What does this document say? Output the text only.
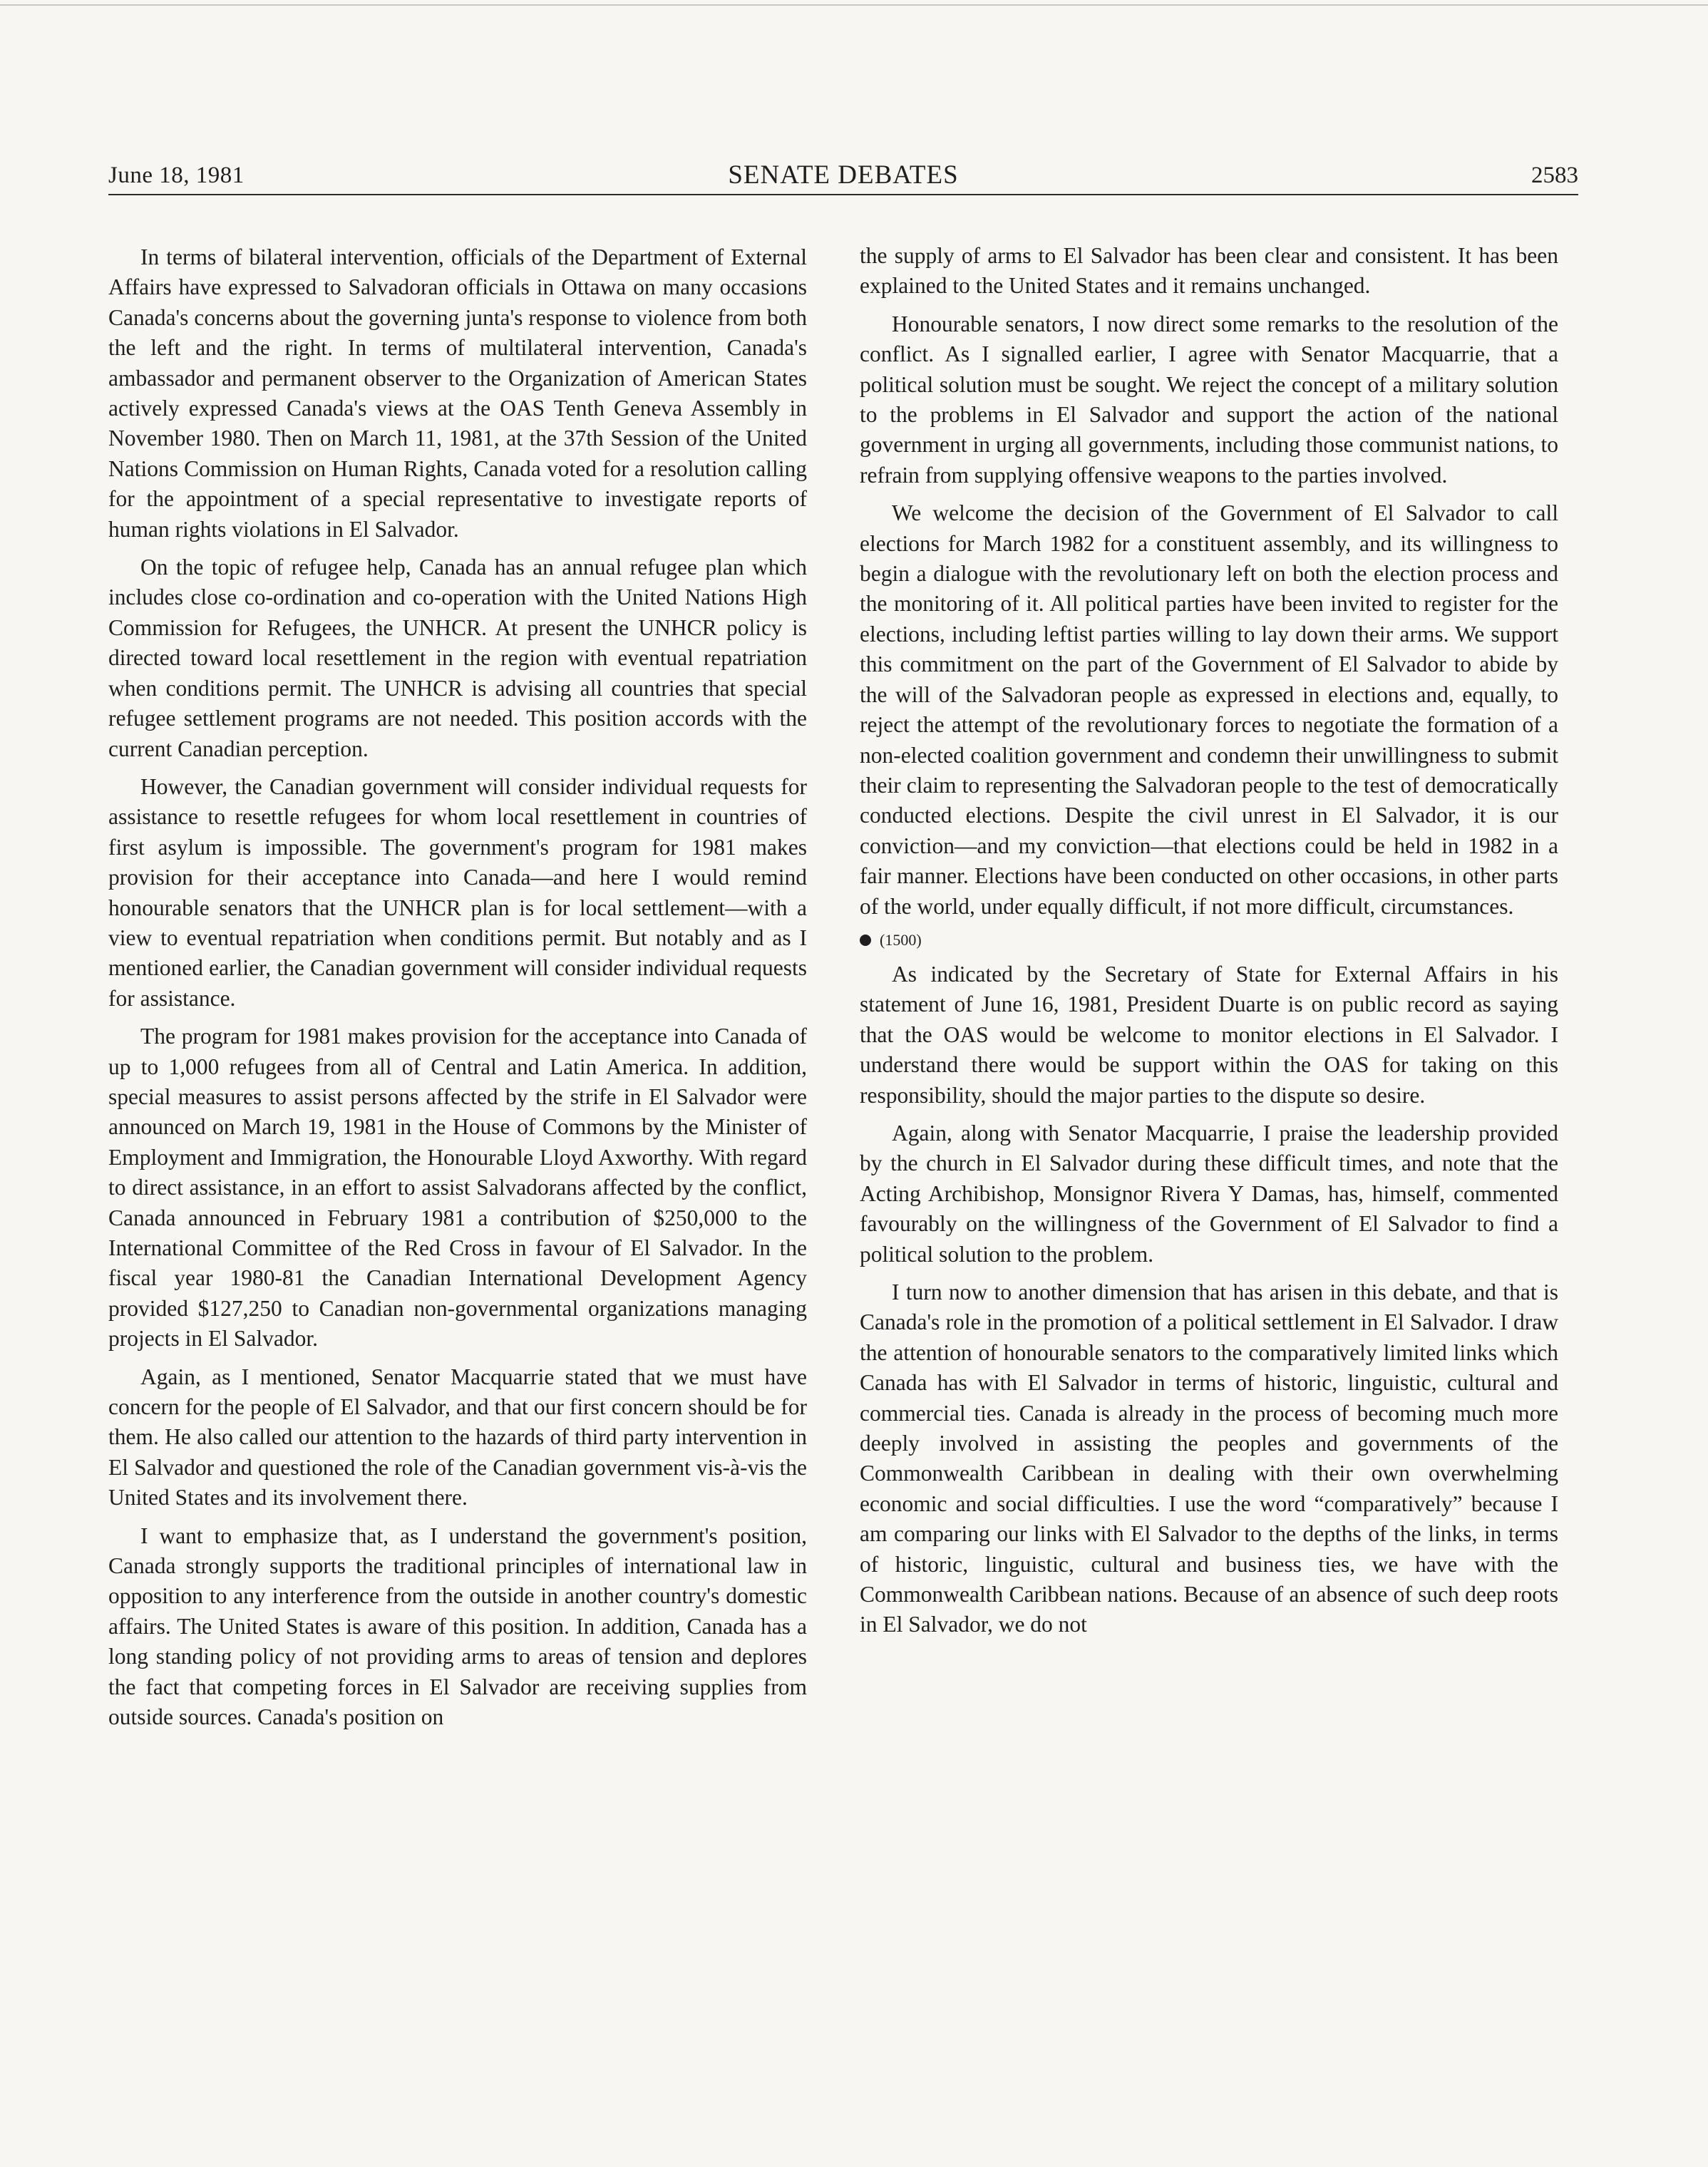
June 18, 1981	SENATE DEBATES	2583

In terms of bilateral intervention, officials of the Department of External Affairs have expressed to Salvadoran officials in Ottawa on many occasions Canada's concerns about the governing junta's response to violence from both the left and the right. In terms of multilateral intervention, Canada's ambassador and permanent observer to the Organization of American States actively expressed Canada's views at the OAS Tenth Geneva Assembly in November 1980. Then on March 11, 1981, at the 37th Session of the United Nations Commission on Human Rights, Canada voted for a resolution calling for the appointment of a special representative to investigate reports of human rights violations in El Salvador.

On the topic of refugee help, Canada has an annual refugee plan which includes close co-ordination and co-operation with the United Nations High Commission for Refugees, the UNHCR. At present the UNHCR policy is directed toward local resettlement in the region with eventual repatriation when conditions permit. The UNHCR is advising all countries that special refugee settlement programs are not needed. This position accords with the current Canadian perception.

However, the Canadian government will consider individual requests for assistance to resettle refugees for whom local resettlement in countries of first asylum is impossible. The government's program for 1981 makes provision for their acceptance into Canada—and here I would remind honourable senators that the UNHCR plan is for local settlement—with a view to eventual repatriation when conditions permit. But notably and as I mentioned earlier, the Canadian government will consider individual requests for assistance.

The program for 1981 makes provision for the acceptance into Canada of up to 1,000 refugees from all of Central and Latin America. In addition, special measures to assist persons affected by the strife in El Salvador were announced on March 19, 1981 in the House of Commons by the Minister of Employment and Immigration, the Honourable Lloyd Axworthy. With regard to direct assistance, in an effort to assist Salvadorans affected by the conflict, Canada announced in February 1981 a contribution of $250,000 to the International Committee of the Red Cross in favour of El Salvador. In the fiscal year 1980-81 the Canadian International Development Agency provided $127,250 to Canadian non-governmental organizations managing projects in El Salvador.

Again, as I mentioned, Senator Macquarrie stated that we must have concern for the people of El Salvador, and that our first concern should be for them. He also called our attention to the hazards of third party intervention in El Salvador and questioned the role of the Canadian government vis-à-vis the United States and its involvement there.

I want to emphasize that, as I understand the government's position, Canada strongly supports the traditional principles of international law in opposition to any interference from the outside in another country's domestic affairs. The United States is aware of this position. In addition, Canada has a long standing policy of not providing arms to areas of tension and deplores the fact that competing forces in El Salvador are receiving supplies from outside sources. Canada's position on

the supply of arms to El Salvador has been clear and consistent. It has been explained to the United States and it remains unchanged.

Honourable senators, I now direct some remarks to the resolution of the conflict. As I signalled earlier, I agree with Senator Macquarrie, that a political solution must be sought. We reject the concept of a military solution to the problems in El Salvador and support the action of the national government in urging all governments, including those communist nations, to refrain from supplying offensive weapons to the parties involved.

We welcome the decision of the Government of El Salvador to call elections for March 1982 for a constituent assembly, and its willingness to begin a dialogue with the revolutionary left on both the election process and the monitoring of it. All political parties have been invited to register for the elections, including leftist parties willing to lay down their arms. We support this commitment on the part of the Government of El Salvador to abide by the will of the Salvadoran people as expressed in elections and, equally, to reject the attempt of the revolutionary forces to negotiate the formation of a non-elected coalition government and condemn their unwillingness to submit their claim to representing the Salvadoran people to the test of democratically conducted elections. Despite the civil unrest in El Salvador, it is our conviction—and my conviction—that elections could be held in 1982 in a fair manner. Elections have been conducted on other occasions, in other parts of the world, under equally difficult, if not more difficult, circumstances.

(1500)

As indicated by the Secretary of State for External Affairs in his statement of June 16, 1981, President Duarte is on public record as saying that the OAS would be welcome to monitor elections in El Salvador. I understand there would be support within the OAS for taking on this responsibility, should the major parties to the dispute so desire.

Again, along with Senator Macquarrie, I praise the leadership provided by the church in El Salvador during these difficult times, and note that the Acting Archibishop, Monsignor Rivera Y Damas, has, himself, commented favourably on the willingness of the Government of El Salvador to find a political solution to the problem.

I turn now to another dimension that has arisen in this debate, and that is Canada's role in the promotion of a political settlement in El Salvador. I draw the attention of honourable senators to the comparatively limited links which Canada has with El Salvador in terms of historic, linguistic, cultural and commercial ties. Canada is already in the process of becoming much more deeply involved in assisting the peoples and governments of the Commonwealth Caribbean in dealing with their own overwhelming economic and social difficulties. I use the word “comparatively” because I am comparing our links with El Salvador to the depths of the links, in terms of historic, linguistic, cultural and business ties, we have with the Commonwealth Caribbean nations. Because of an absence of such deep roots in El Salvador, we do not
